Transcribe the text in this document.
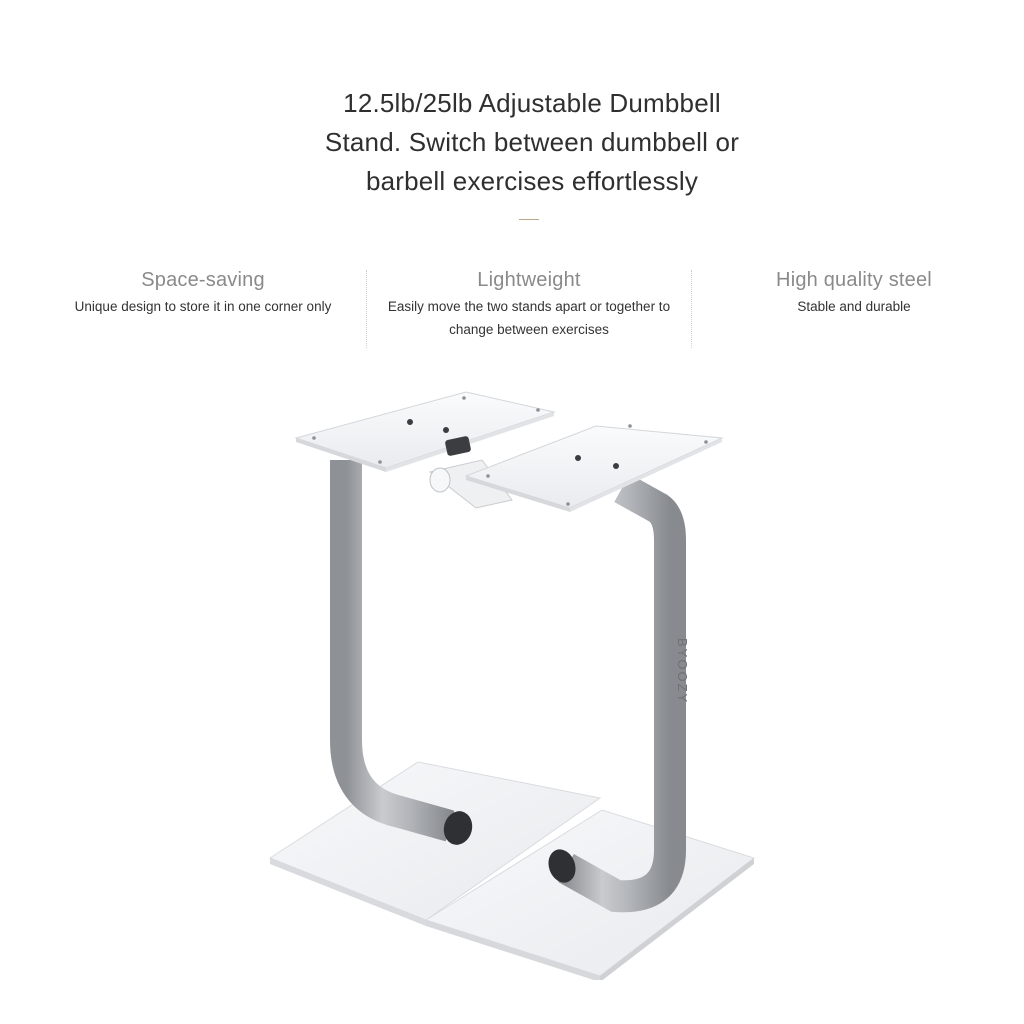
12.5lb/25lb Adjustable Dumbbell
Stand. Switch between dumbbell or
barbell exercises effortlessly
Space-saving
Unique design to store it in one corner only
Lightweight
Easily move the two stands apart or together to
change between exercises
High quality steel
Stable and durable
BYOOZY
